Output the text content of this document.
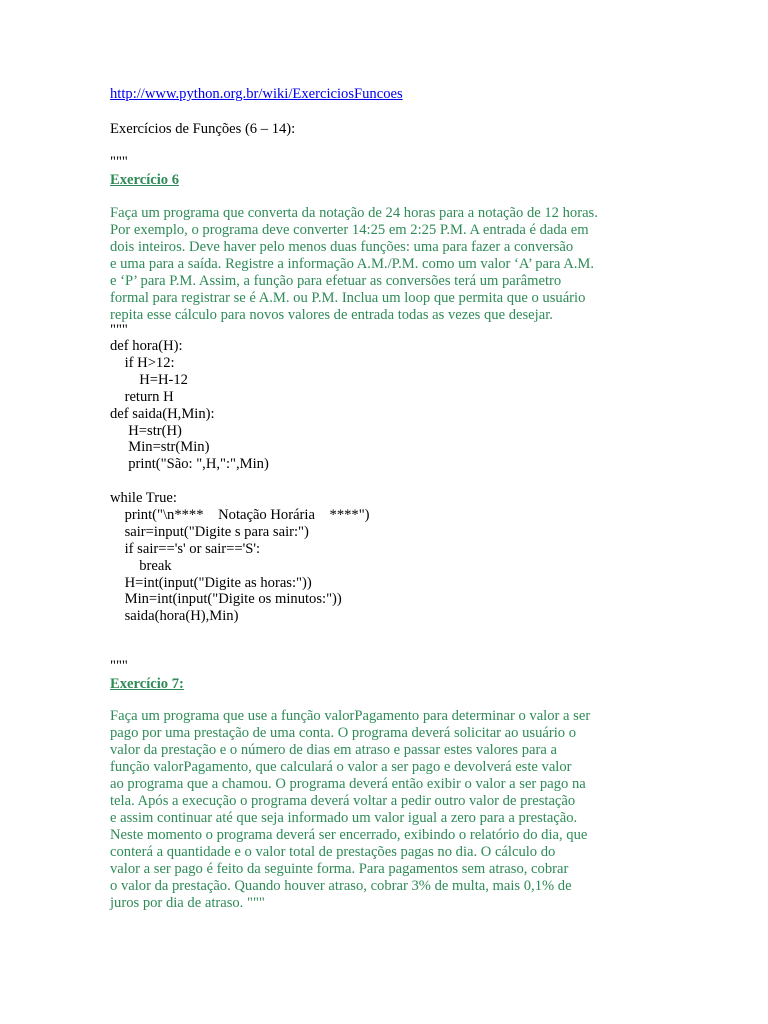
http://www.python.org.br/wiki/ExerciciosFuncoes
Exercícios de Funções (6 – 14):
"""
Exercício 6
Faça um programa que converta da notação de 24 horas para a notação de 12 horas.
Por exemplo, o programa deve converter 14:25 em 2:25 P.M. A entrada é dada em
dois inteiros. Deve haver pelo menos duas funções: uma para fazer a conversão
e uma para a saída. Registre a informação A.M./P.M. como um valor ‘A’ para A.M.
e ‘P’ para P.M. Assim, a função para efetuar as conversões terá um parâmetro
formal para registrar se é A.M. ou P.M. Inclua um loop que permita que o usuário
repita esse cálculo para novos valores de entrada todas as vezes que desejar.
"""
def hora(H):
if H>12:
H=H-12
return H
def saida(H,Min):
H=str(H)
Min=str(Min)
print("São: ",H,":",Min)
while True:
print("\n****    Notação Horária    ****")
sair=input("Digite s para sair:")
if sair=='s' or sair=='S':
break
H=int(input("Digite as horas:"))
Min=int(input("Digite os minutos:"))
saida(hora(H),Min)
"""
Exercício 7:
Faça um programa que use a função valorPagamento para determinar o valor a ser
pago por uma prestação de uma conta. O programa deverá solicitar ao usuário o
valor da prestação e o número de dias em atraso e passar estes valores para a
função valorPagamento, que calculará o valor a ser pago e devolverá este valor
ao programa que a chamou. O programa deverá então exibir o valor a ser pago na
tela. Após a execução o programa deverá voltar a pedir outro valor de prestação
e assim continuar até que seja informado um valor igual a zero para a prestação.
Neste momento o programa deverá ser encerrado, exibindo o relatório do dia, que
conterá a quantidade e o valor total de prestações pagas no dia. O cálculo do
valor a ser pago é feito da seguinte forma. Para pagamentos sem atraso, cobrar
o valor da prestação. Quando houver atraso, cobrar 3% de multa, mais 0,1% de
juros por dia de atraso. """
